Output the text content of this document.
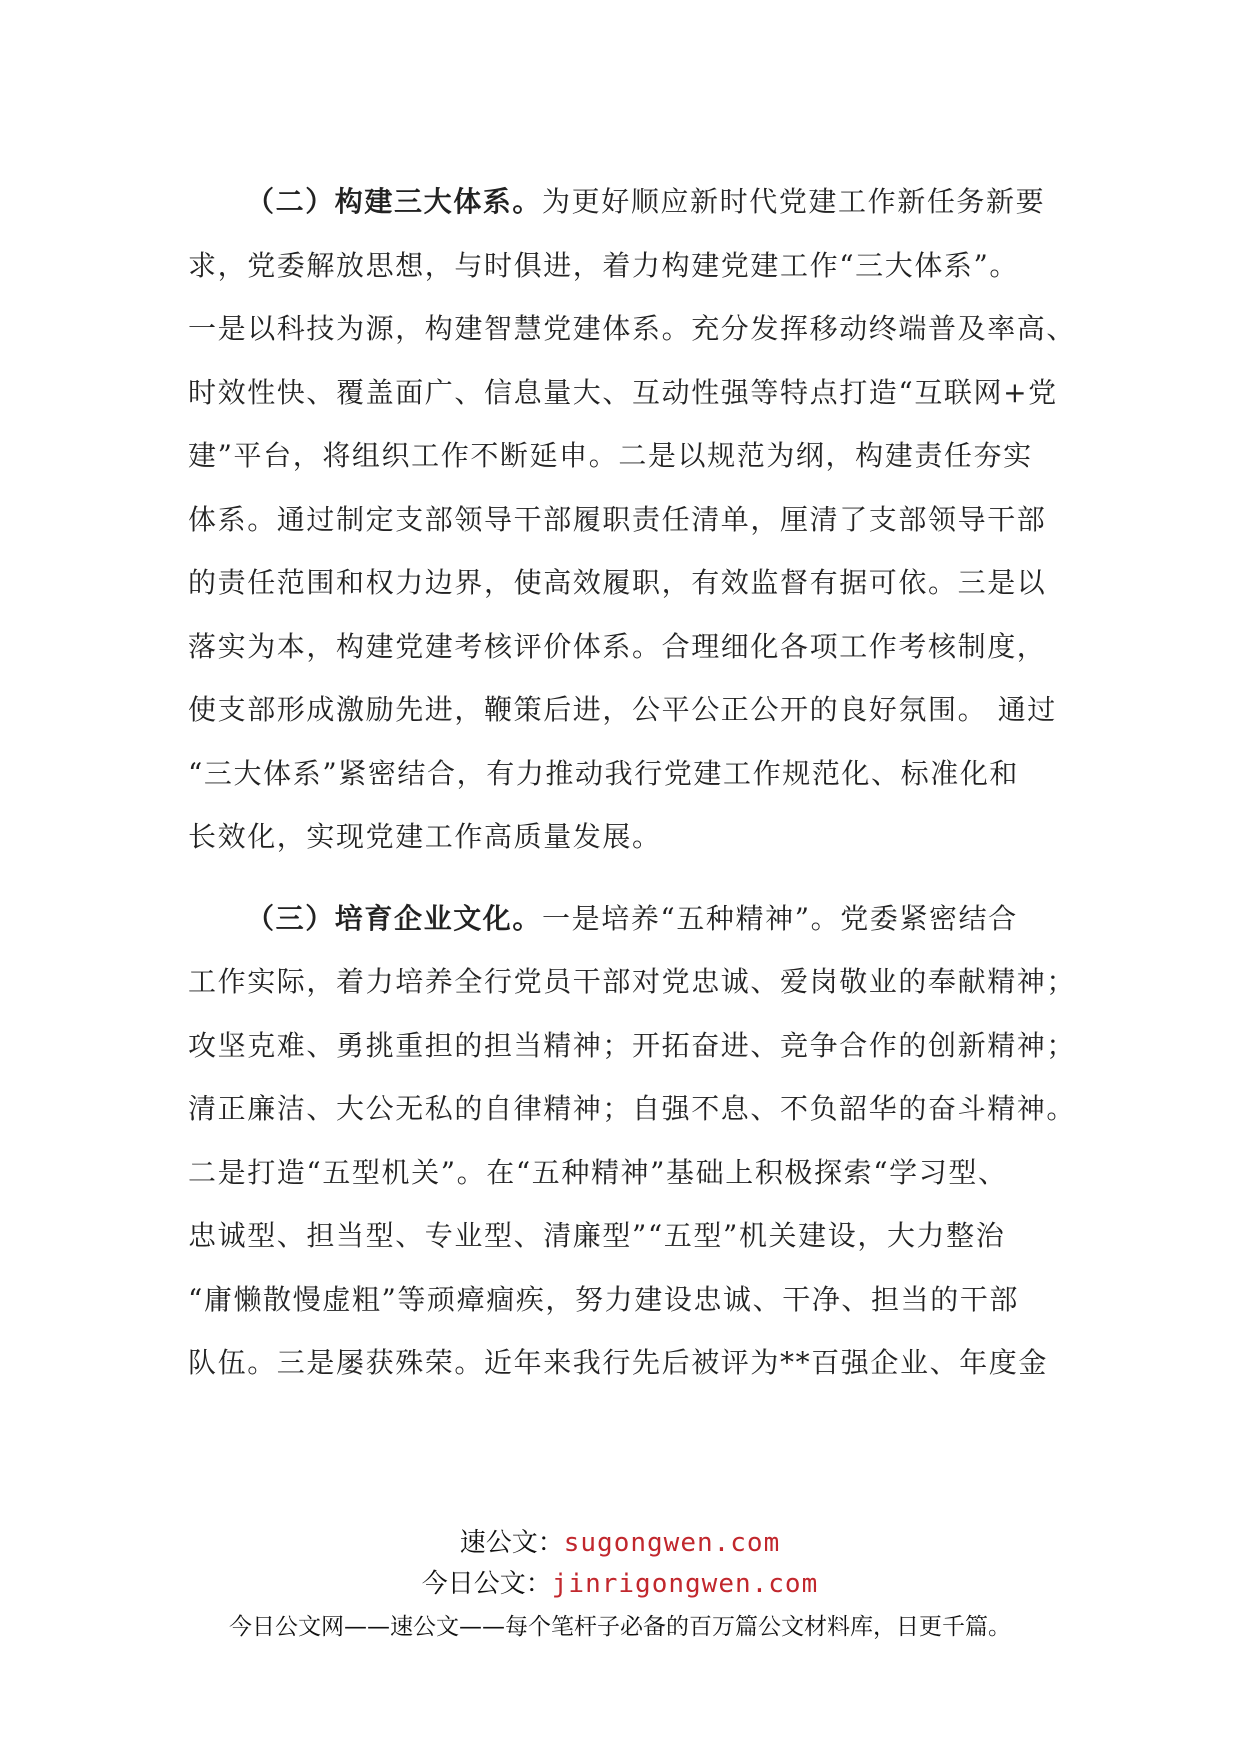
（二）构建三大体系。为更好顺应新时代党建工作新任务新要
求，党委解放思想，与时俱进，着力构建党建工作“三大体系”。
一是以科技为源，构建智慧党建体系。充分发挥移动终端普及率高、
时效性快、覆盖面广、信息量大、互动性强等特点打造“互联网+党
建”平台，将组织工作不断延申。二是以规范为纲，构建责任夯实
体系。通过制定支部领导干部履职责任清单，厘清了支部领导干部
的责任范围和权力边界，使高效履职，有效监督有据可依。三是以
落实为本，构建党建考核评价体系。合理细化各项工作考核制度，
使支部形成激励先进，鞭策后进，公平公正公开的良好氛围。 通过
“三大体系”紧密结合，有力推动我行党建工作规范化、标准化和
长效化，实现党建工作高质量发展。
（三）培育企业文化。一是培养“五种精神”。党委紧密结合
工作实际，着力培养全行党员干部对党忠诚、爱岗敬业的奉献精神；
攻坚克难、勇挑重担的担当精神；开拓奋进、竞争合作的创新精神；
清正廉洁、大公无私的自律精神；自强不息、不负韶华的奋斗精神。
二是打造“五型机关”。在“五种精神”基础上积极探索“学习型、
忠诚型、担当型、专业型、清廉型”“五型”机关建设，大力整治
“庸懒散慢虚粗”等顽瘴痼疾，努力建设忠诚、干净、担当的干部
队伍。三是屡获殊荣。近年来我行先后被评为**百强企业、年度金
速公文：sugongwen.com
今日公文：jinrigongwen.com
今日公文网——速公文——每个笔杆子必备的百万篇公文材料库，日更千篇。
